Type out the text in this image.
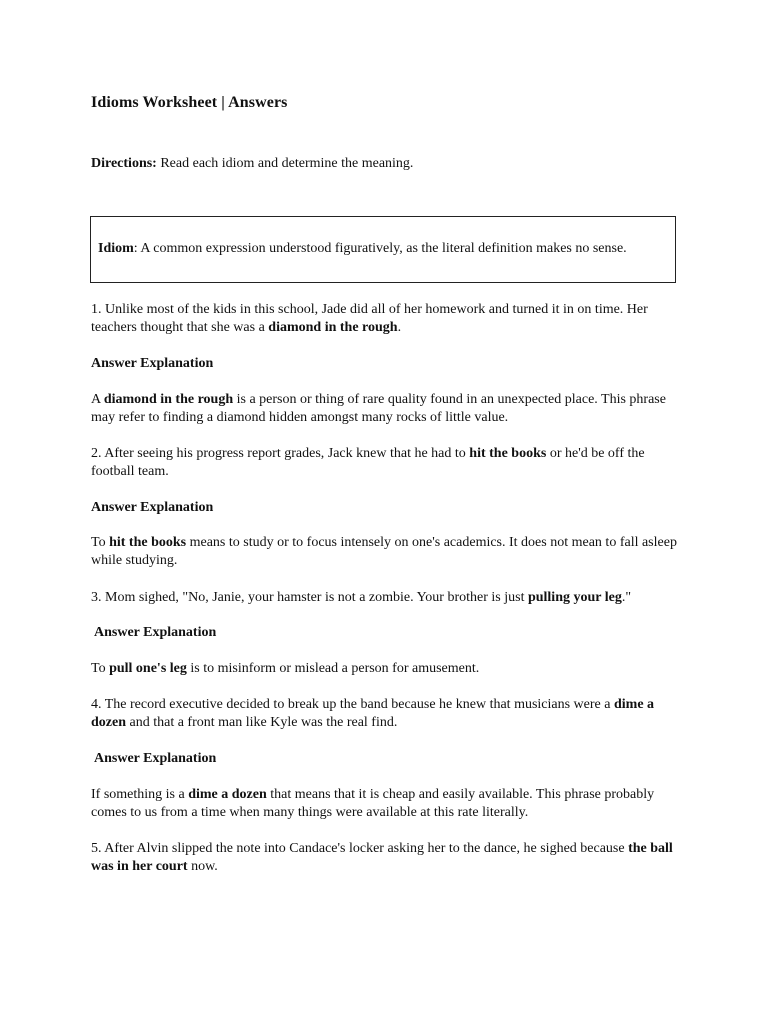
Idioms Worksheet | Answers
Directions: Read each idiom and determine the meaning.
Idiom: A common expression understood figuratively, as the literal definition makes no sense.
1. Unlike most of the kids in this school, Jade did all of her homework and turned it in on time. Her teachers thought that she was a diamond in the rough.
Answer Explanation
A diamond in the rough is a person or thing of rare quality found in an unexpected place. This phrase may refer to finding a diamond hidden amongst many rocks of little value.
2. After seeing his progress report grades, Jack knew that he had to hit the books or he'd be off the football team.
Answer Explanation
To hit the books means to study or to focus intensely on one's academics. It does not mean to fall asleep while studying.
3. Mom sighed, "No, Janie, your hamster is not a zombie. Your brother is just pulling your leg."
Answer Explanation
To pull one's leg is to misinform or mislead a person for amusement.
4. The record executive decided to break up the band because he knew that musicians were a dime a dozen and that a front man like Kyle was the real find.
Answer Explanation
If something is a dime a dozen that means that it is cheap and easily available. This phrase probably comes to us from a time when many things were available at this rate literally.
5. After Alvin slipped the note into Candace's locker asking her to the dance, he sighed because the ball was in her court now.
